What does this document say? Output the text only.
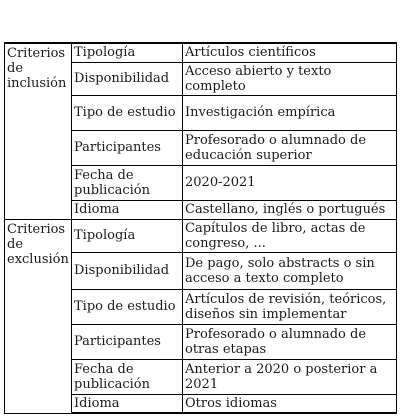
Criterios de inclusión	Tipología	Artículos científicos
	Disponibilidad	Acceso abierto y texto completo
	Tipo de estudio	Investigación empírica
	Participantes	Profesorado o alumnado de educación superior
	Fecha de publicación	2020-2021
	Idioma	Castellano, inglés o portugués
Criterios de exclusión	Tipología	Capítulos de libro, actas de congreso, ...
	Disponibilidad	De pago, solo abstracts o sin acceso a texto completo
	Tipo de estudio	Artículos de revisión, teóricos, diseños sin implementar
	Participantes	Profesorado o alumnado de otras etapas
	Fecha de publicación	Anterior a 2020 o posterior a 2021
	Idioma	Otros idiomas
